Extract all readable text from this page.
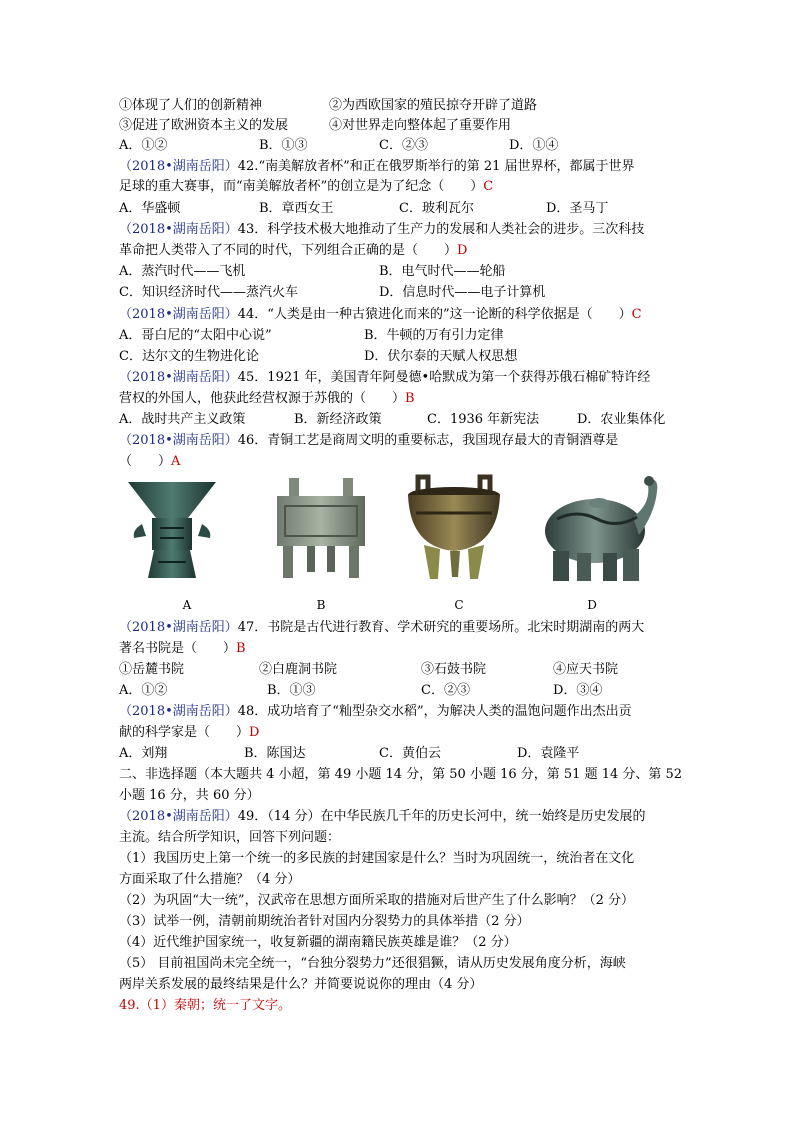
①体现了人们的创新精神	②为西欧国家的殖民掠夺开辟了道路
③促进了欧洲资本主义的发展	④对世界走向整体起了重要作用
A．①②	B．①③	C．②③	D．①④
（2018•湖南岳阳）42.“南美解放者杯”和正在俄罗斯举行的第 21 届世界杯，都属于世界
足球的重大赛事，而“南美解放者杯”的创立是为了纪念（　　）C
A．华盛顿	B．章西女王	C．玻利瓦尔	D．圣马丁
（2018•湖南岳阳）43．科学技术极大地推动了生产力的发展和人类社会的进步。三次科技
革命把人类带入了不同的时代，下列组合正确的是（　　）D
A．蒸汽时代——飞机	B．电气时代——轮船
C．知识经济时代——蒸汽火车	D．信息时代——电子计算机
（2018•湖南岳阳）44．“人类是由一种古猿进化而来的”这一论断的科学依据是（　　）C
A．哥白尼的“太阳中心说”	B．牛顿的万有引力定律
C．达尔文的生物进化论	D．伏尔泰的天赋人权思想
（2018•湖南岳阳）45．1921 年，美国青年阿曼德•哈默成为第一个获得苏俄石棉矿特许经
营权的外国人，他获此经营权源于苏俄的（　　）B
A．战时共产主义政策	B．新经济政策	C．1936 年新宪法	D．农业集体化
（2018•湖南岳阳）46．青铜工艺是商周文明的重要标志，我国现存最大的青铜酒尊是
（　　）A
A	B	C	D
（2018•湖南岳阳）47．书院是古代进行教育、学术研究的重要场所。北宋时期湖南的两大
著名书院是（　　）B
①岳麓书院	②白鹿洞书院	③石鼓书院	④应天书院
A．①②	B．①③	C．②③	D．③④
（2018•湖南岳阳）48．成功培育了“籼型杂交水稻”，为解决人类的温饱问题作出杰出贡
献的科学家是（　　）D
A．刘翔	B．陈国达	C．黄伯云	D．袁隆平
二、非选择题（本大题共 4 小超，第 49 小题 14 分，第 50 小题 16 分，第 51 题 14 分、第 52
小题 16 分，共 60 分）
（2018•湖南岳阳）49．（14 分）在中华民族几千年的历史长河中，统一始终是历史发展的
主流。结合所学知识，回答下列问题：
（1）我国历史上第一个统一的多民族的封建国家是什么？当时为巩固统一，统治者在文化
方面采取了什么措施？（4 分）
（2）为巩固“大一统”，汉武帝在思想方面所采取的措施对后世产生了什么影响？（2 分）
（3）试举一例，清朝前期统治者针对国内分裂势力的具体举措（2 分）
（4）近代维护国家统一，收复新疆的湖南籍民族英雄是谁？（2 分）
（5） 目前祖国尚未完全统一，“台独分裂势力”还很猖獗，请从历史发展角度分析，海峡
两岸关系发展的最终结果是什么？并简要说说你的理由（4 分）
49.（1）秦朝；统一了文字。
